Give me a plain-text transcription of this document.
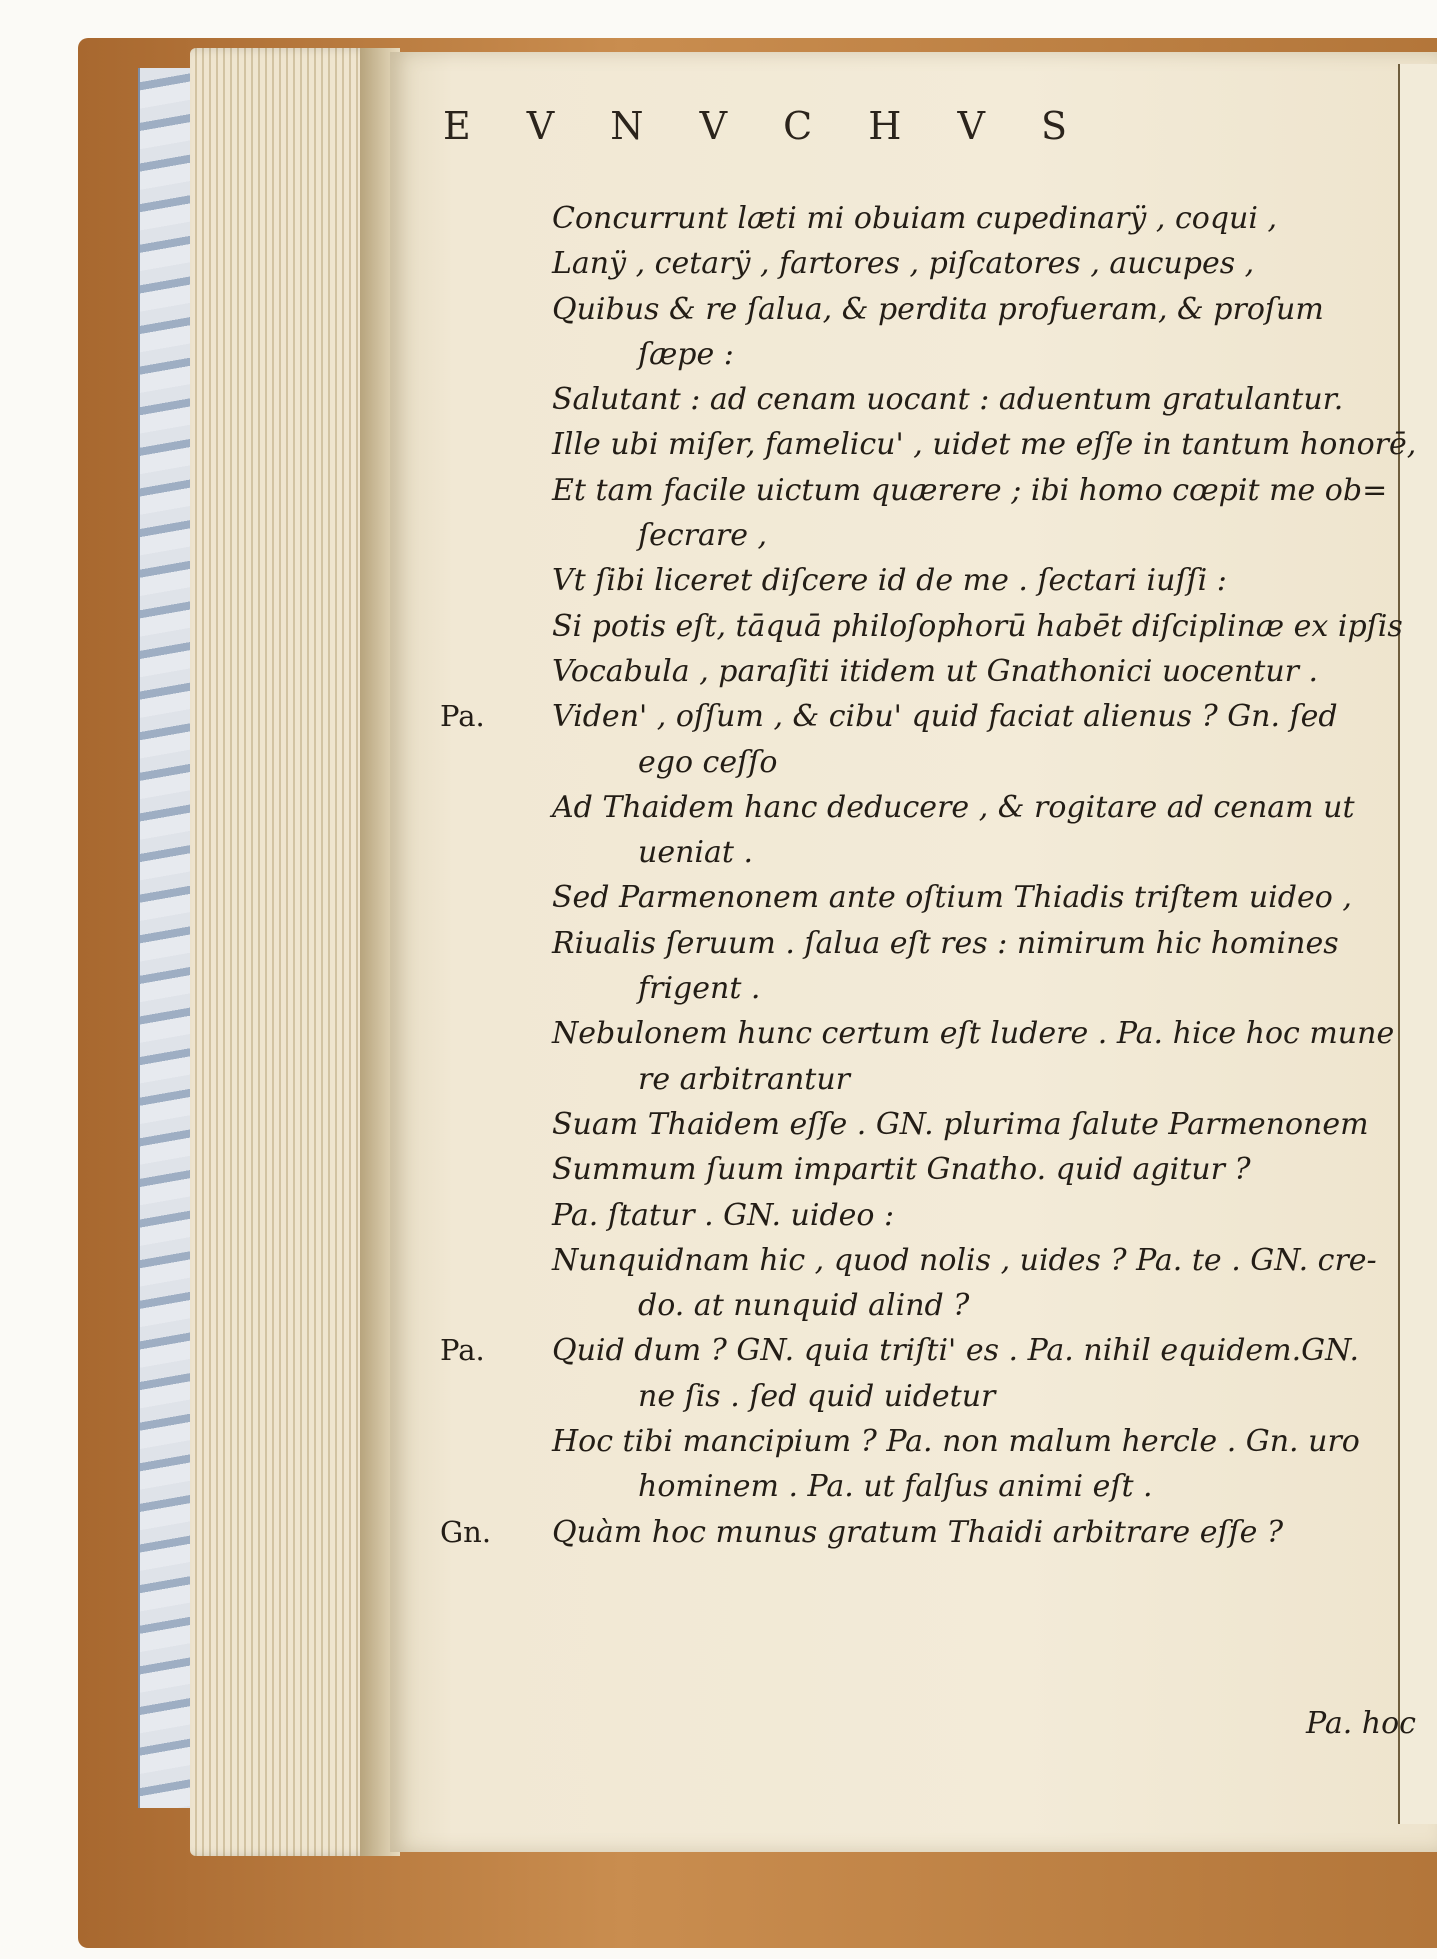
E V N V C H V S
Concurrunt læti mi obuiam cupedinarÿ , coqui ,
Lanÿ , cetarÿ , fartores , piſcatores , aucupes ,
Quibus & re ſalua, & perdita profueram, & proſum
ſæpe :
Salutant : ad cenam uocant : aduentum gratulantur.
Ille ubi miſer, famelicu' , uidet me eſſe in tantum honorē,
Et tam facile uictum quærere ; ibi homo cœpit me ob=
ſecrare ,
Vt ſibi liceret diſcere id de me . ſectari iuſſi :
Si potis eſt, tāquā philoſophorū habēt diſciplinæ ex ipſis
Vocabula , paraſiti itidem ut Gnathonici uocentur .
Pa. Viden' , oſſum , & cibu' quid faciat alienus ? Gn. ſed
ego ceſſo
Ad Thaidem hanc deducere , & rogitare ad cenam ut
ueniat .
Sed Parmenonem ante oſtium Thiadis triſtem uideo ,
Riualis ſeruum . ſalua eſt res : nimirum hic homines
frigent .
Nebulonem hunc certum eſt ludere . Pa. hice hoc mune
re arbitrantur
Suam Thaidem eſſe . GN. plurima ſalute Parmenonem
Summum ſuum impartit Gnatho. quid agitur ?
Pa. ſtatur . GN. uideo :
Nunquidnam hic , quod nolis , uides ? Pa. te . GN. cre-
do. at nunquid alind ?
Pa. Quid dum ? GN. quia triſti' es . Pa. nihil equidem.GN.
ne ſis . ſed quid uidetur
Hoc tibi mancipium ? Pa. non malum hercle . Gn. uro
hominem . Pa. ut falſus animi eſt .
Gn. Quàm hoc munus gratum Thaidi arbitrare eſſe ?
Pa. hoc
